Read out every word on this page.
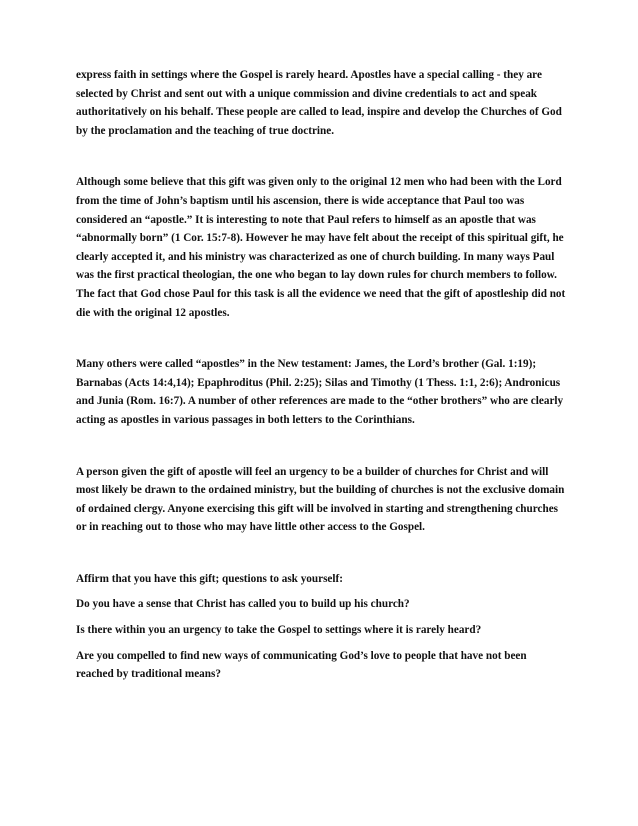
express faith in settings where the Gospel is rarely heard. Apostles have a special calling - they are selected by Christ and sent out with a unique commission and divine credentials to act and speak authoritatively on his behalf. These people are called to lead, inspire and develop the Churches of God by the proclamation and the teaching of true doctrine.

Although some believe that this gift was given only to the original 12 men who had been with the Lord from the time of John’s baptism until his ascension, there is wide acceptance that Paul too was considered an “apostle.” It is interesting to note that Paul refers to himself as an apostle that was “abnormally born” (1 Cor. 15:7-8). However he may have felt about the receipt of this spiritual gift, he clearly accepted it, and his ministry was characterized as one of church building. In many ways Paul was the first practical theologian, the one who began to lay down rules for church members to follow. The fact that God chose Paul for this task is all the evidence we need that the gift of apostleship did not die with the original 12 apostles.

Many others were called “apostles” in the New testament: James, the Lord’s brother (Gal. 1:19); Barnabas (Acts 14:4,14); Epaphroditus (Phil. 2:25); Silas and Timothy (1 Thess. 1:1, 2:6); Andronicus and Junia (Rom. 16:7). A number of other references are made to the “other brothers” who are clearly acting as apostles in various passages in both letters to the Corinthians.

A person given the gift of apostle will feel an urgency to be a builder of churches for Christ and will most likely be drawn to the ordained ministry, but the building of churches is not the exclusive domain of ordained clergy. Anyone exercising this gift will be involved in starting and strengthening churches or in reaching out to those who may have little other access to the Gospel.

Affirm that you have this gift; questions to ask yourself:

Do you have a sense that Christ has called you to build up his church?

Is there within you an urgency to take the Gospel to settings where it is rarely heard?

Are you compelled to find new ways of communicating God’s love to people that have not been reached by traditional means?
